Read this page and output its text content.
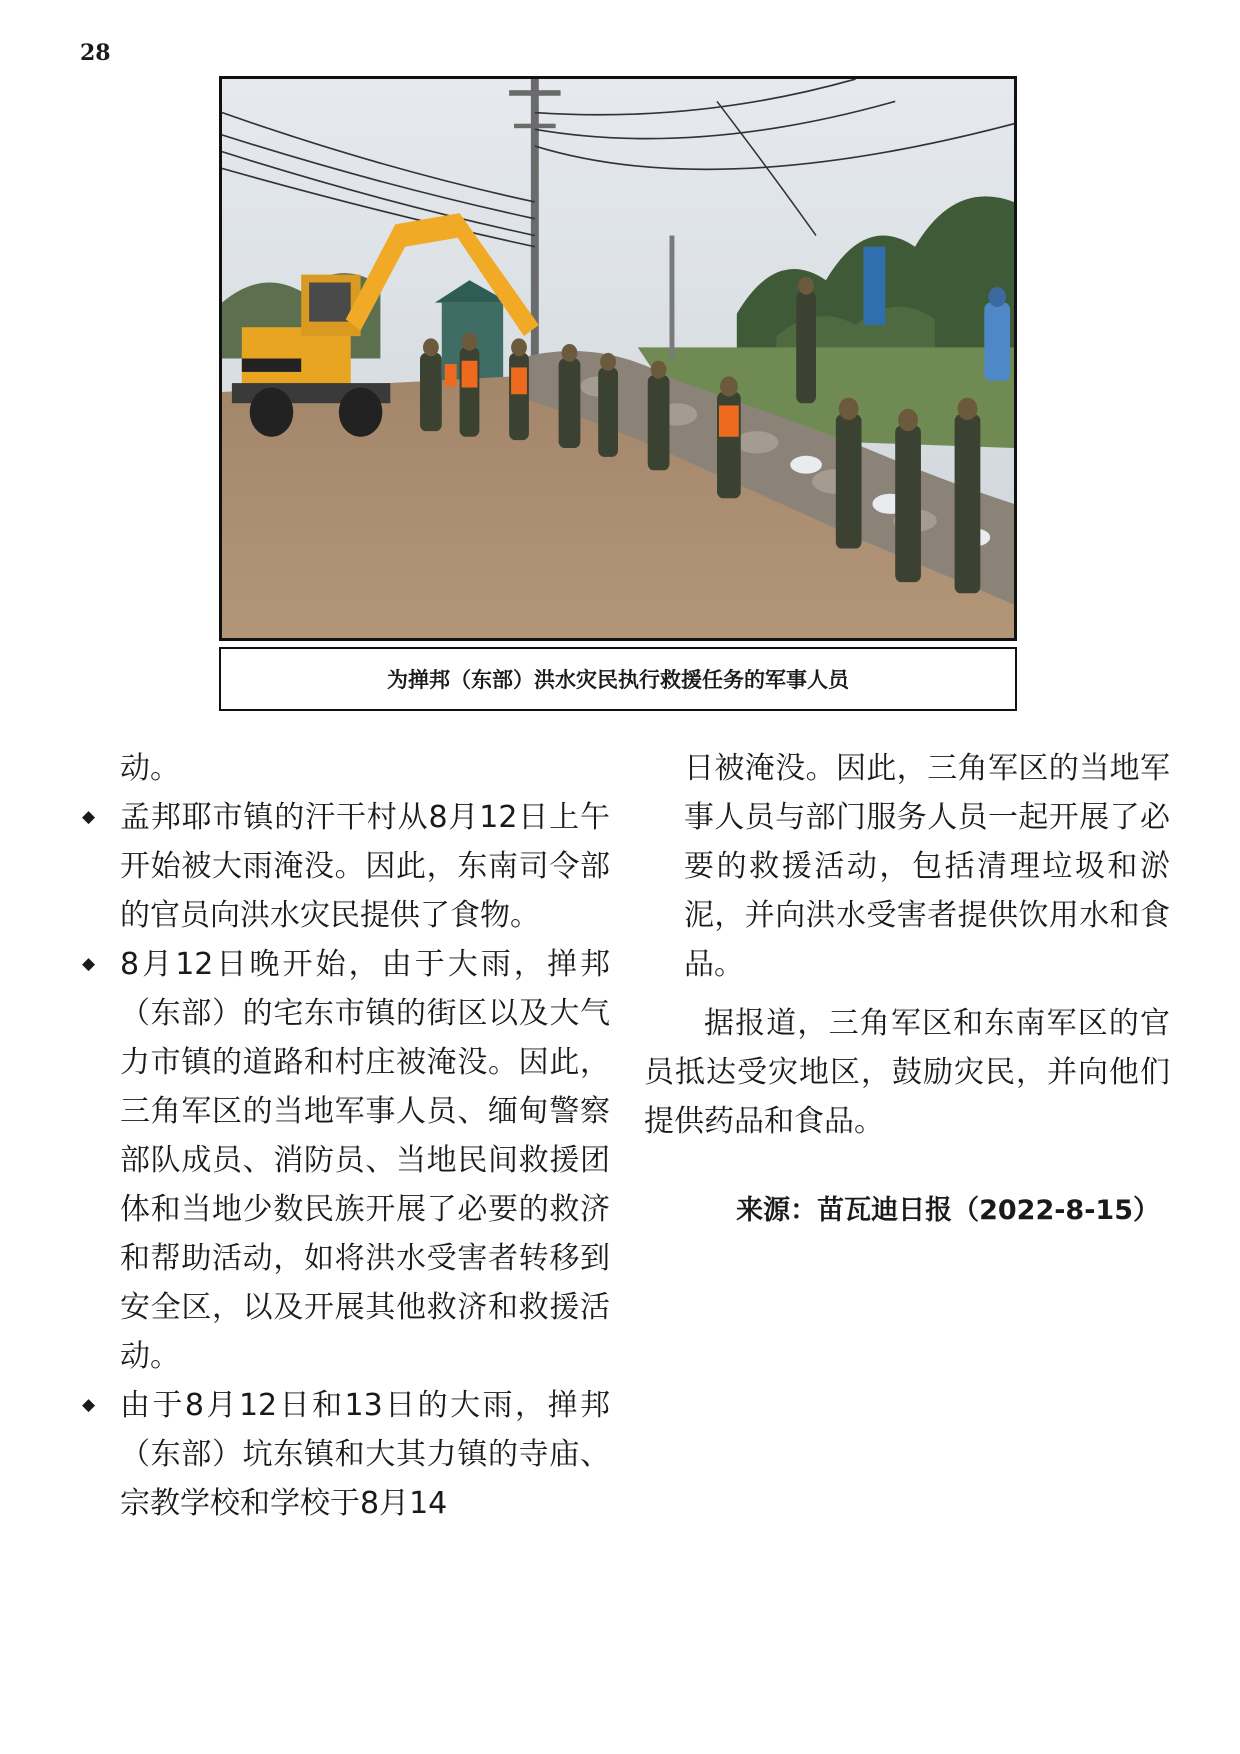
28
为掸邦（东部）洪水灾民执行救援任务的军事人员

动。

◆ 孟邦耶市镇的汗干村从8月12日上午开始被大雨淹没。因此，东南司令部的官员向洪水灾民提供了食物。
◆ 8月12日晚开始，由于大雨，掸邦（东部）的宅东市镇的街区以及大气力市镇的道路和村庄被淹没。因此，三角军区的当地军事人员、缅甸警察部队成员、消防员、当地民间救援团体和当地少数民族开展了必要的救济和帮助活动，如将洪水受害者转移到安全区，以及开展其他救济和救援活动。
◆ 由于8月12日和13日的大雨，掸邦（东部）坑东镇和大其力镇的寺庙、宗教学校和学校于8月14

日被淹没。因此，三角军区的当地军事人员与部门服务人员一起开展了必要的救援活动，包括清理垃圾和淤泥，并向洪水受害者提供饮用水和食品。

据报道，三角军区和东南军区的官员抵达受灾地区，鼓励灾民，并向他们提供药品和食品。

来源：苗瓦迪日报（2022-8-15）
